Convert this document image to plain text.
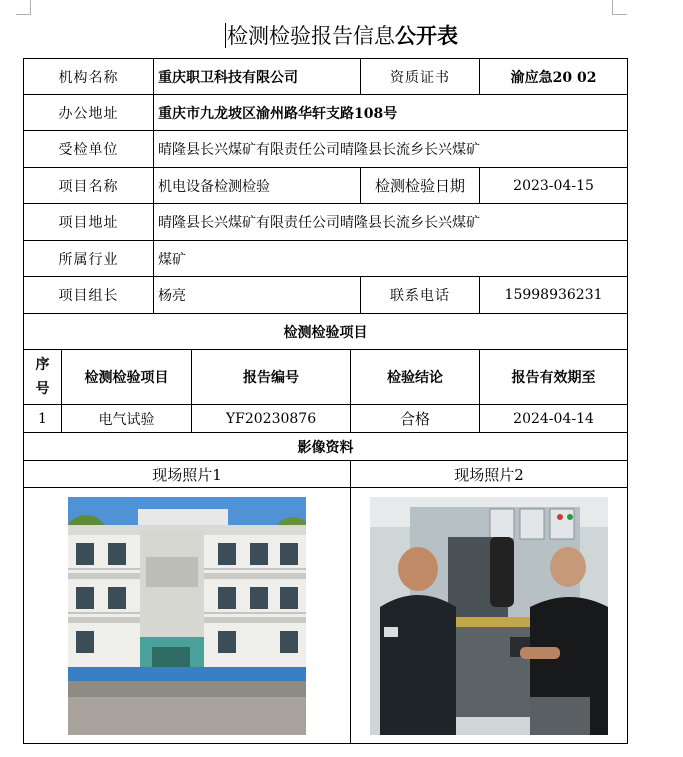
检测检验报告信息公开表
机构名称		重庆职卫科技有限公司			资质证书	渝应急20 02
办公地址		重庆市九龙坡区渝州路华轩支路108号				
受检单位		晴隆县长兴煤矿有限责任公司晴隆县长流乡长兴煤矿				
项目名称		机电设备检测检验			检测检验日期	2023-04-15
项目地址		晴隆县长兴煤矿有限责任公司晴隆县长流乡长兴煤矿				
所属行业		煤矿				
项目组长		杨亮			联系电话	15998936231
检测检验项目						
序
号	检测检验项目		报告编号	检验结论		报告有效期至
1	电气试验		YF20230876	合格		2024-04-14
影像资料						
现场照片1				现场照片2		
